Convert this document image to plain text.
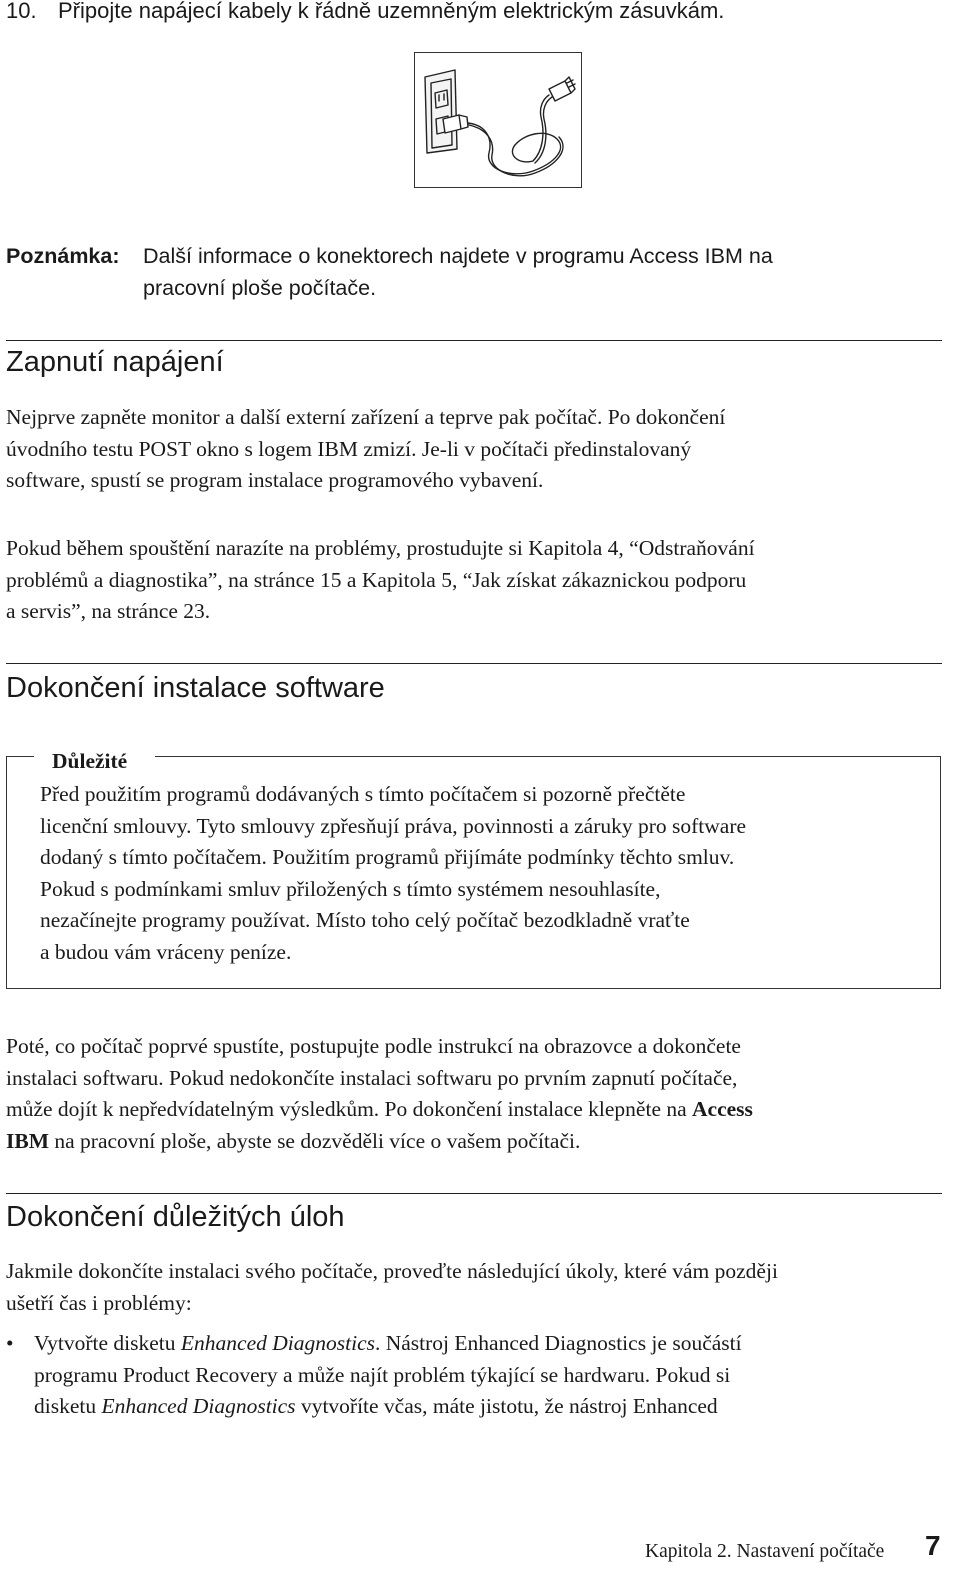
10. Připojte napájecí kabely k řádně uzemněným elektrickým zásuvkám.
Poznámka: Další informace o konektorech najdete v programu Access IBM na
pracovní ploše počítače.
Zapnutí napájení
Nejprve zapněte monitor a další externí zařízení a teprve pak počítač. Po dokončení
úvodního testu POST okno s logem IBM zmizí. Je-li v počítači předinstalovaný
software, spustí se program instalace programového vybavení.
Pokud během spouštění narazíte na problémy, prostudujte si Kapitola 4, “Odstraňování
problémů a diagnostika”, na stránce 15 a Kapitola 5, “Jak získat zákaznickou podporu
a servis”, na stránce 23.
Dokončení instalace software
Důležité
Před použitím programů dodávaných s tímto počítačem si pozorně přečtěte
licenční smlouvy. Tyto smlouvy zpřesňují práva, povinnosti a záruky pro software
dodaný s tímto počítačem. Použitím programů přijímáte podmínky těchto smluv.
Pokud s podmínkami smluv přiložených s tímto systémem nesouhlasíte,
nezačínejte programy používat. Místo toho celý počítač bezodkladně vraťte
a budou vám vráceny peníze.
Poté, co počítač poprvé spustíte, postupujte podle instrukcí na obrazovce a dokončete
instalaci softwaru. Pokud nedokončíte instalaci softwaru po prvním zapnutí počítače,
může dojít k nepředvídatelným výsledkům. Po dokončení instalace klepněte na Access
IBM na pracovní ploše, abyste se dozvěděli více o vašem počítači.
Dokončení důležitých úloh
Jakmile dokončíte instalaci svého počítače, proveďte následující úkoly, které vám později
ušetří čas i problémy:
• Vytvořte disketu Enhanced Diagnostics. Nástroj Enhanced Diagnostics je součástí
programu Product Recovery a může najít problém týkající se hardwaru. Pokud si
disketu Enhanced Diagnostics vytvoříte včas, máte jistotu, že nástroj Enhanced
Kapitola 2. Nastavení počítače 7
